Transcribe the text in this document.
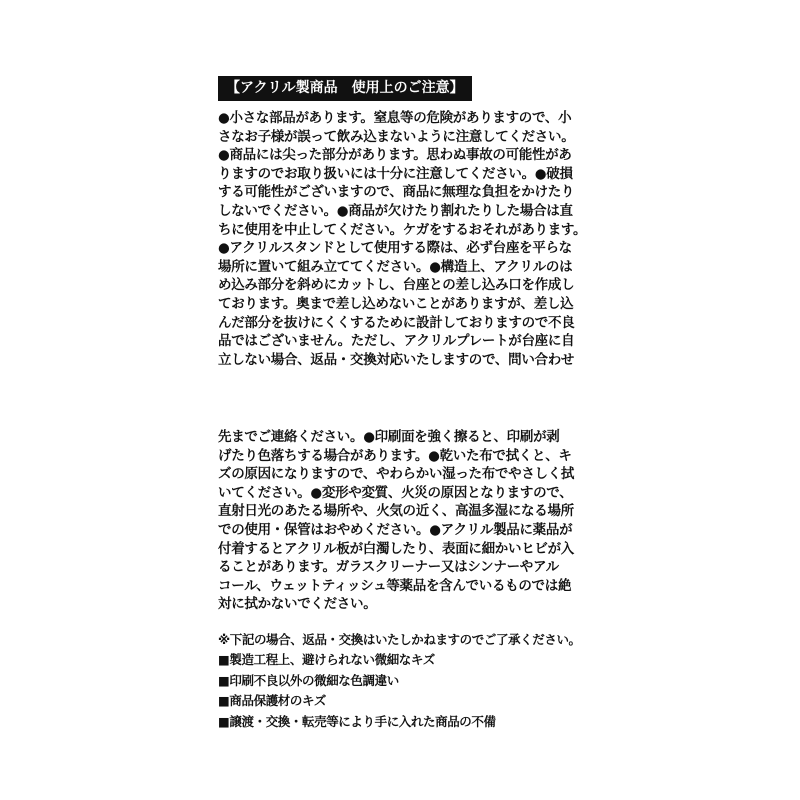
【アクリル製商品　使用上のご注意】

●小さな部品があります。窒息等の危険がありますので、小
さなお子様が誤って飲み込まないように注意してください。
●商品には尖った部分があります。思わぬ事故の可能性があ
りますのでお取り扱いには十分に注意してください。●破損
する可能性がございますので、商品に無理な負担をかけたり
しないでください。●商品が欠けたり割れたりした場合は直
ちに使用を中止してください。ケガをするおそれがあります。
●アクリルスタンドとして使用する際は、必ず台座を平らな
場所に置いて組み立ててください。●構造上、アクリルのは
め込み部分を斜めにカットし、台座との差し込み口を作成し
ております。奥まで差し込めないことがありますが、差し込
んだ部分を抜けにくくするために設計しておりますので不良
品ではございません。ただし、アクリルプレートが台座に自
立しない場合、返品・交換対応いたしますので、問い合わせ

先までご連絡ください。●印刷面を強く擦ると、印刷が剥
げたり色落ちする場合があります。●乾いた布で拭くと、キ
ズの原因になりますので、やわらかい湿った布でやさしく拭
いてください。●変形や変質、火災の原因となりますので、
直射日光のあたる場所や、火気の近く、高温多湿になる場所
での使用・保管はおやめください。●アクリル製品に薬品が
付着するとアクリル板が白濁したり、表面に細かいヒビが入
ることがあります。ガラスクリーナー又はシンナーやアル
コール、ウェットティッシュ等薬品を含んでいるものでは絶
対に拭かないでください。

※下記の場合、返品・交換はいたしかねますのでご了承ください。
■製造工程上、避けられない微細なキズ
■印刷不良以外の微細な色調違い
■商品保護材のキズ
■譲渡・交換・転売等により手に入れた商品の不備
